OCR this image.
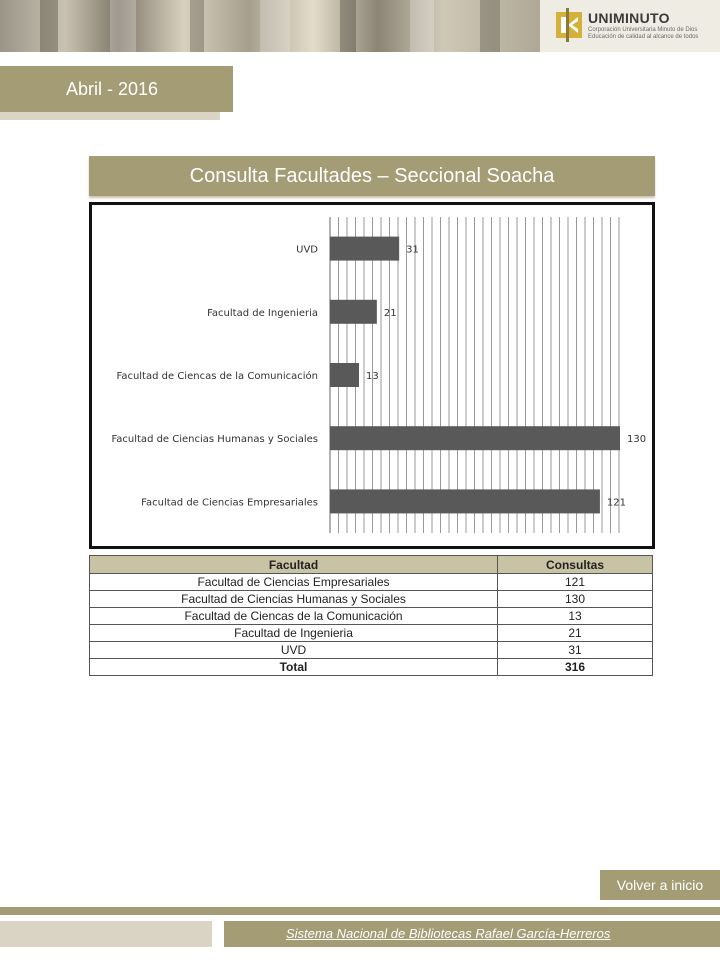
UNIMINUTO
Corporación Universitaria Minuto de Dios
Educación de calidad al alcance de todos
Abril - 2016
Consulta Facultades – Seccional Soacha
UVD	31
Facultad de Ingenieria	21
Facultad de Ciencas de la Comunicación	13
Facultad de Ciencias Humanas y Sociales	130
Facultad de Ciencias Empresariales	121
Facultad	Consultas
Facultad de Ciencias Empresariales	121
Facultad de Ciencias Humanas y Sociales	130
Facultad de Ciencas de la Comunicación	13
Facultad de Ingenieria	21
UVD	31
Total	316
Volver a inicio
Sistema Nacional de Bibliotecas Rafael García-Herreros
